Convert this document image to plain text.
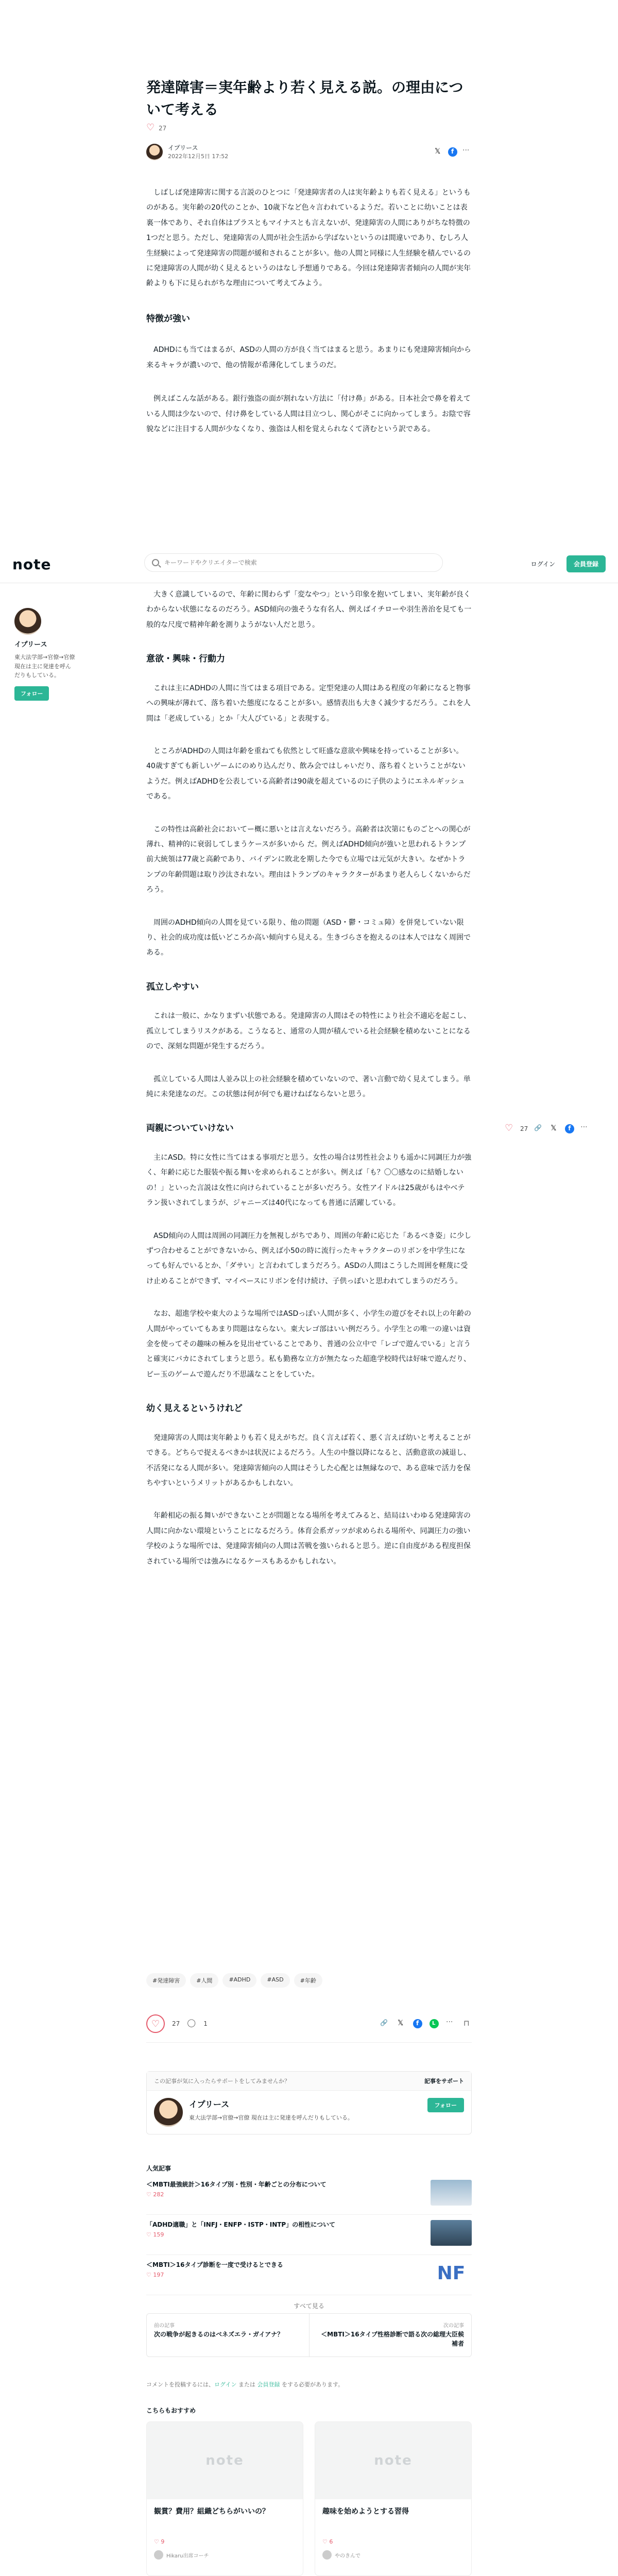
発達障害＝実年齢より若く見える説。の理由について考える
♡
27
イプリース
2022年12月5日 17:52
𝕏
f
···

しばしば発達障害に関する言説のひとつに「発達障害者の人は実年齢よりも若く見える」というものがある。実年齢の20代のことか、10歳下など色々言われているようだ。若いことに幼いことは表裏一体であり、それ自体はプラスともマイナスとも言えないが、発達障害の人間にありがちな特徴の1つだと思う。ただし、発達障害の人間が社会生活から学ばないというのは間違いであり、むしろ人生経験によって発達障害の問題が緩和されることが多い。他の人間と同様に人生経験を積んでいるのに発達障害の人間が幼く見えるというのはなし予想通りである。今回は発達障害者傾向の人間が実年齢よりも下に見られがちな理由について考えてみよう。

特徴が強い

ADHDにも当てはまるが、ASDの人間の方が良く当てはまると思う。あまりにも発達障害傾向から来るキャラが濃いので、他の情報が希薄化してしまうのだ。

例えばこんな話がある。銀行強盗の面が割れない方法に「付け鼻」がある。日本社会で鼻を着えている人間は少ないので、付け鼻をしている人間は目立つし、関心がそこに向かってしまう。お陰で容貌などに注目する人間が少なくなり、強盗は人相を覚えられなくて済むという訳である。

大きく意識しているので、年齢に関わらず「変なやつ」という印象を抱いてしまい、実年齢が良くわからない状態になるのだろう。ASD傾向の強そうな有名人、例えばイチローや羽生善治を見ても一般的な尺度で精神年齢を測りようがない人だと思う。

意欲・興味・行動力

これは主にADHDの人間に当てはまる項目である。定型発達の人間はある程度の年齢になると物事への興味が薄れて、落ち着いた態度になることが多い。感情表出も大きく減少するだろう。これを人間は「老成している」とか「大人びている」と表現する。

ところがADHDの人間は年齢を重ねても依然として旺盛な意欲や興味を持っていることが多い。40歳すぎても新しいゲームにのめり込んだり、飲み会ではしゃいだり、落ち着くということがないようだ。例えばADHDを公表している高齢者は90歳を超えているのに子供のようにエネルギッシュである。

この特性は高齢社会においてー概に悪いとは言えないだろう。高齢者は次第にものごとへの関心が薄れ、精神的に衰弱してしまうケースが多いから だ。例えばADHD傾向が強いと思われるトランプ前大統領は77歳と高齢であり、バイデンに敗北を期した今でも立場では元気が大きい。なぜかトランプの年齢問題は取り沙汰されない。理由はトランプのキャラクターがあまり老人らしくないからだろう。

周囲のADHD傾向の人間を見ている限り、他の問題（ASD・鬱・コミュ障）を併発していない限り、社会的成功度は低いどころか高い傾向すら見える。生きづらさを抱えるのは本人ではなく周囲である。

孤立しやすい

これは一般に、かなりまずい状態である。発達障害の人間はその特性により社会不適応を起こし、孤立してしまうリスクがある。こうなると、通常の人間が積んでいる社会経験を積めないことになるので、深刻な問題が発生するだろう。

孤立している人間は人並み以上の社会経験を積めていないので、著い言動で幼く見えてしまう。単純に未発達なのだ。この状態は何が何でも避けねばならないと思う。

両親についていけない

主にASD。特に女性に当てはまる事項だと思う。女性の場合は男性社会よりも遥かに同調圧力が強く、年齢に応じた服装や振る舞いを求められることが多い。例えば「も？〇〇感なのに結婚しないの！」といった言説は女性に向けられていることが多いだろう。女性アイドルは25歳がもはやベテラン扱いされてしまうが、ジャニーズは40代になっても普通に活躍している。

ASD傾向の人間は周囲の同調圧力を無視しがちであり、周囲の年齢に応じた「あるべき姿」に少しずつ合わせることができないから、例えば小50の時に流行ったキャラクターのリボンを中学生になっても好んでいるとか、「ダサい」と言われてしまうだろう。ASDの人間はこうした周囲を軽蔑に受け止めることができず、マイペースにリボンを付け続け、子供っぽいと思われてしまうのだろう。

なお、超進学校や東大のような場所ではASDっぽい人間が多く、小学生の遊びをそれ以上の年齢の人間がやっていてもあまり問題はならない。東大レゴ部はいい例だろう。小学生との唯一の違いは資金を使ってその趣味の極みを見出せていることであり、普通の公立中で「レゴで遊んでいる」と言うと確実にバカにされてしまうと思う。私も勤務な立方が無たなった超進学校時代は好味で遊んだり、ピー玉のゲームで遊んだり不思議なことをしていた。

幼く見えるというけれど

発達障害の人間は実年齢よりも若く見えがちだ。良く言えば若く、悪く言えば幼いと考えることができる。どちらで捉えるべきかは状況によるだろう。人生の中盤以降になると、活動意欲の減退し、不活発になる人間が多い。発達障害傾向の人間はそうした心配とは無縁なので、ある意味で活力を保ちやすいというメリットがあるかもしれない。

年齢相応の振る舞いができないことが問題となる場所を考えてみると、結局はいわゆる発達障害の人間に向かない環境ということになるだろう。体育会系ガッツが求められる場所や、同調圧力の強い学校のような場所では、発達障害傾向の人間は苦戦を強いられると思う。逆に自由度がある程度担保されている場所では強みになるケースもあるかもしれない。

#発達障害	#人間	#ADHD	#ASD	#年齢
♡	27
◯	1
🔗
𝕏
f
L
···
⊓
この記事が気に入ったらサポートをしてみませんか？	記事をサポート
イプリース
東大法学部→官僚→官僚 現在は主に発達を呼んだりもしている。
フォロー
人気記事
＜MBTI最強統計＞16タイプ別・性別・年齢ごとの分布について
♡ 282
「ADHD適職」と「INFJ・ENFP・ISTP・INTP」の相性について
♡ 159
＜MBTI＞16タイプ診断を一度で受けるとできる
♡ 197	NF
すべて見る
前の記事
次の戦争が起きるのはベネズエラ・ガイアナ？
次の記事
＜MBTI＞16タイプ性格診断で語る次の総理大臣候補者
コメントを投稿するには、ログイン または 会員登録 をする必要があります。
こちらもおすすめ
note
観賞？費用？組織どちらがいいの？
♡ 9
Hikaru出席コーチ
note
趣味を始めようとする習得
♡ 6
やのきんで
note
キーワードやクリエイターで検索	ログイン	会員登録
イプリース
東大法学部→官僚→官僚 現在は主に発達を呼んだりもしている。
フォロー
♡
27
🔗
𝕏
f
···
